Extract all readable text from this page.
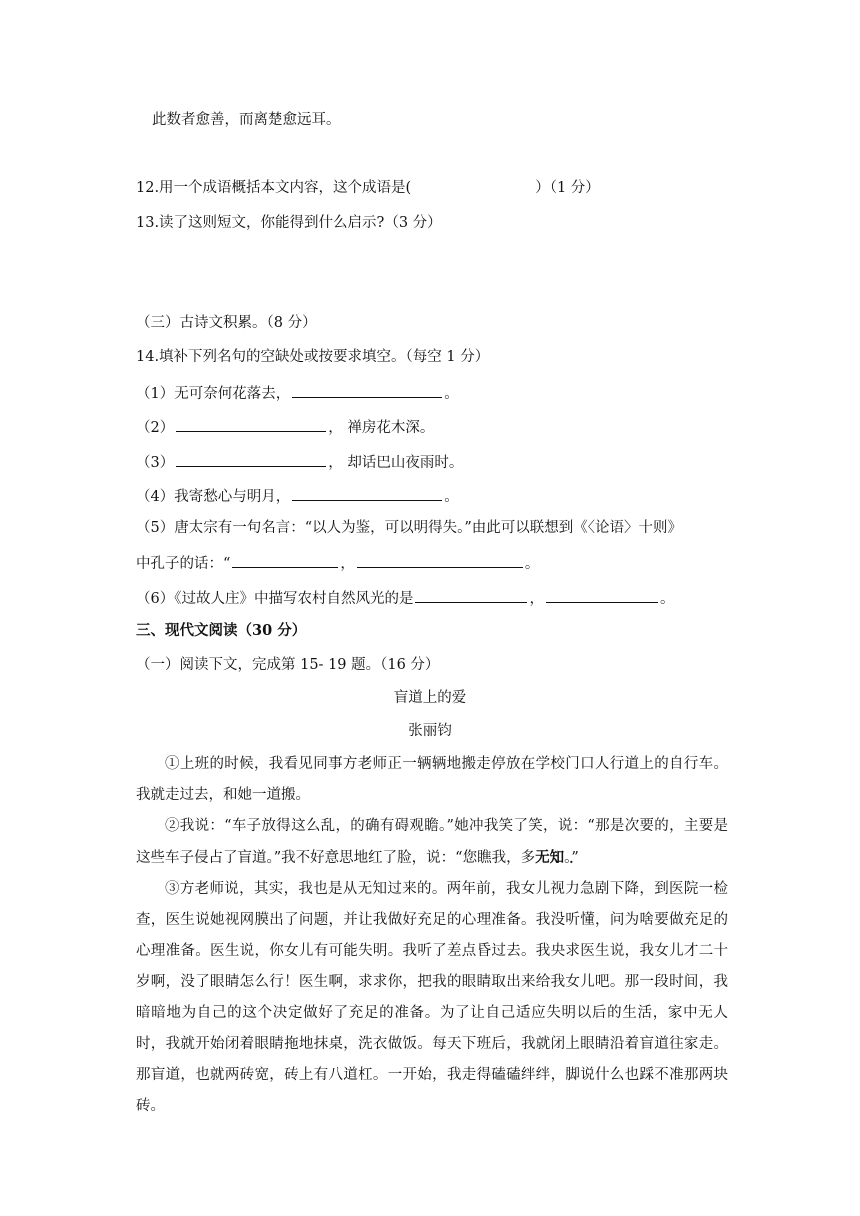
此数者愈善，而离楚愈远耳。
12.用一个成语概括本文内容，这个成语是(	）（1 分）
13.读了这则短文，你能得到什么启示?（3 分）
（三）古诗文积累。（8 分）
14.填补下列名句的空缺处或按要求填空。（每空 1 分）
（1）无可奈何花落去，	。
（2）	， 禅房花木深。
（3）	， 却话巴山夜雨时。
（4）我寄愁心与明月，	。
（5）唐太宗有一句名言：“以人为鉴，可以明得失。”由此可以联想到《〈论语〉十则》
中孔子的话：“	，	。
（6）《过故人庄》中描写农村自然风光的是	，	。
三、现代文阅读（30 分）
（一）阅读下文，完成第 15- 19 题。（16 分）
盲道上的爱
张丽钧

①上班的时候，我看见同事方老师正一辆辆地搬走停放在学校门口人行道上的自行车。我就走过去，和她一道搬。

②我说：“车子放得这么乱，的确有碍观瞻。”她冲我笑了笑，说：“那是次要的，主要是这些车子侵占了盲道。”我不好意思地红了脸，说：“您瞧我，多无 .知 .。”

③方老师说，其实，我也是从无知过来的。两年前，我女儿视力急剧下降，到医院一检查，医生说她视网膜出了问题，并让我做好充足的心理准备。我没听懂，问为啥要做充足的心理准备。医生说，你女儿有可能失明。我听了差点昏过去。我央求医生说，我女儿才二十岁啊，没了眼睛怎么行！医生啊，求求你，把我的眼睛取出来给我女儿吧。那一段时间，我暗暗地为自己的这个决定做好了充足的准备。为了让自己适应失明以后的生活，家中无人时，我就开始闭着眼睛拖地抹桌，洗衣做饭。每天下班后，我就闭上眼睛沿着盲道往家走。那盲道，也就两砖宽，砖上有八道杠。一开始，我走得磕磕绊绊，脚说什么也踩不准那两块砖。
